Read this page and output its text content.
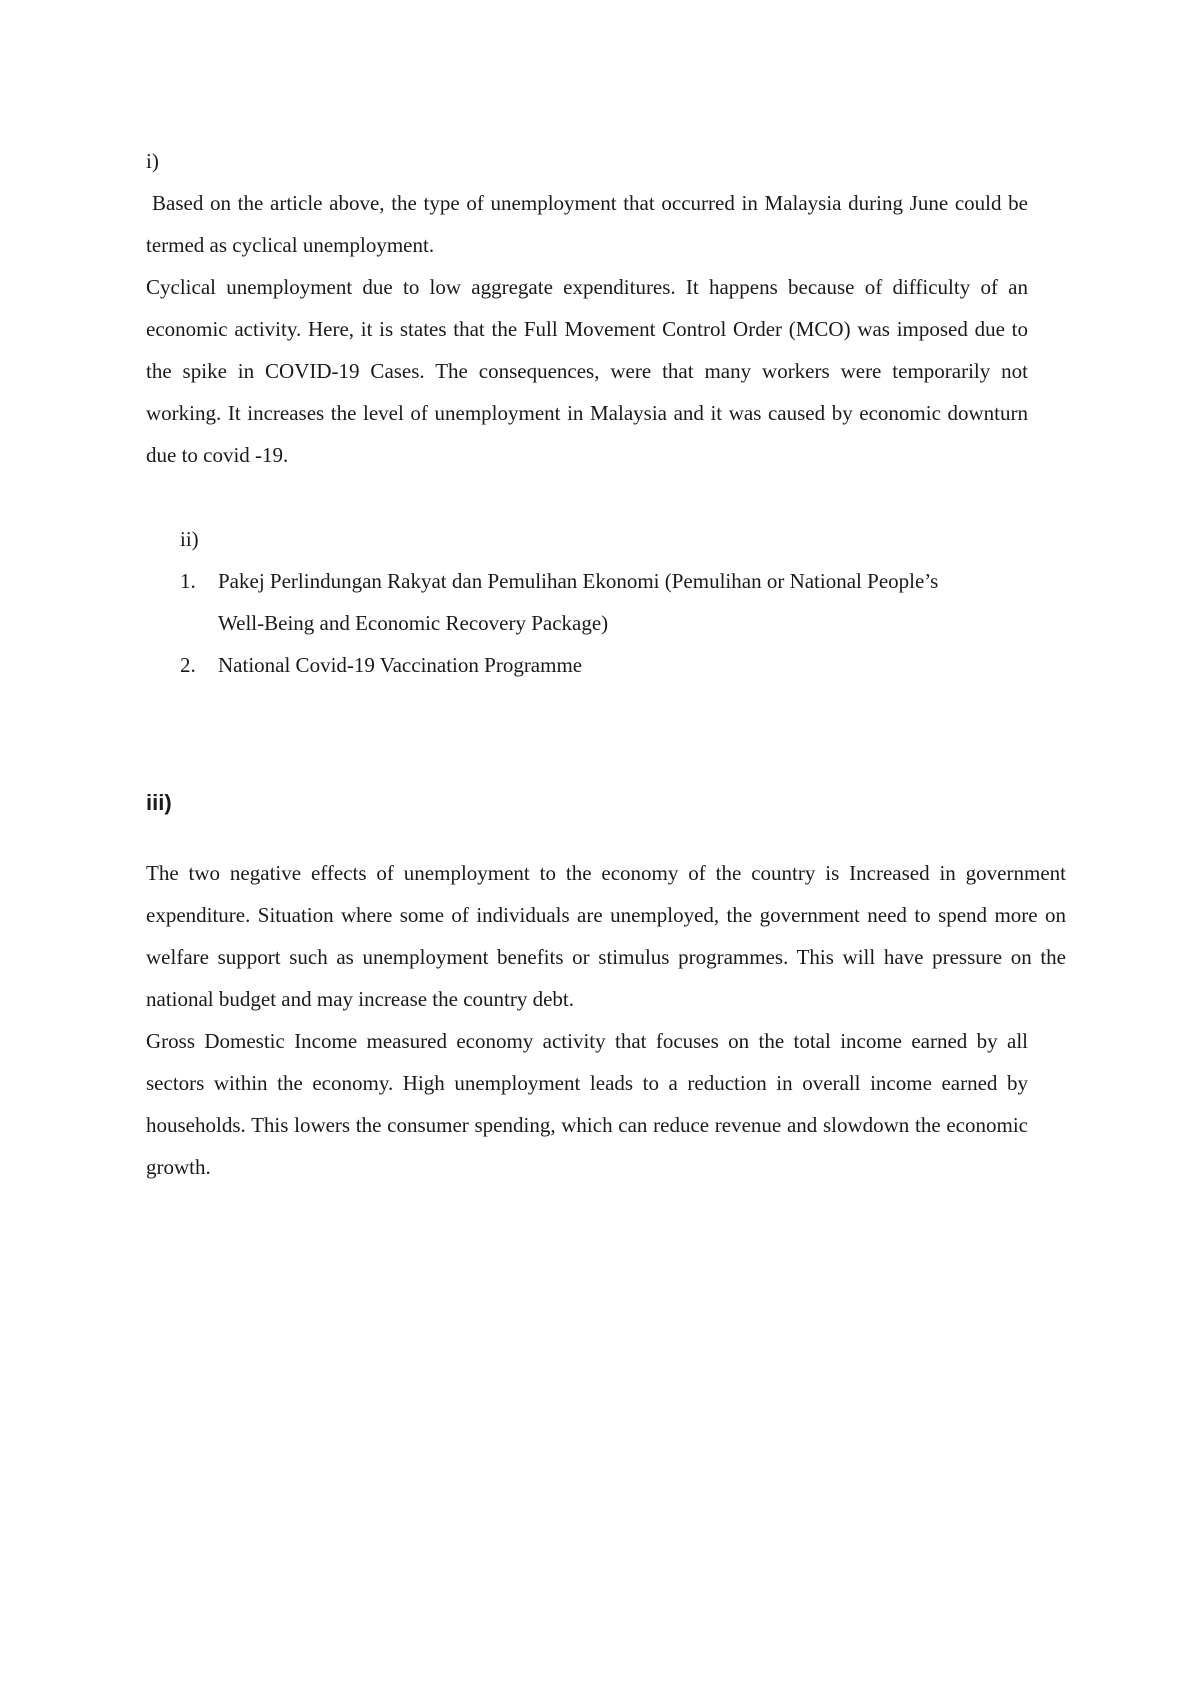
i)

Based on the article above, the type of unemployment that occurred in Malaysia during June could be termed as cyclical unemployment.

Cyclical unemployment due to low aggregate expenditures. It happens because of difficulty of an economic activity. Here, it is states that the Full Movement Control Order (MCO) was imposed due to the spike in COVID-19 Cases. The consequences, were that many workers were temporarily not working. It increases the level of unemployment in Malaysia and it was caused by economic downturn due to covid -19.

ii)

1. Pakej Perlindungan Rakyat dan Pemulihan Ekonomi (Pemulihan or National People’s Well-Being and Economic Recovery Package)
2. National Covid-19 Vaccination Programme

iii)

The two negative effects of unemployment to the economy of the country is Increased in government expenditure. Situation where some of individuals are unemployed, the government need to spend more on welfare support such as unemployment benefits or stimulus programmes. This will have pressure on the national budget and may increase the country debt.

Gross Domestic Income measured economy activity that focuses on the total income earned by all sectors within the economy. High unemployment leads to a reduction in overall income earned by households. This lowers the consumer spending, which can reduce revenue and slowdown the economic growth.
